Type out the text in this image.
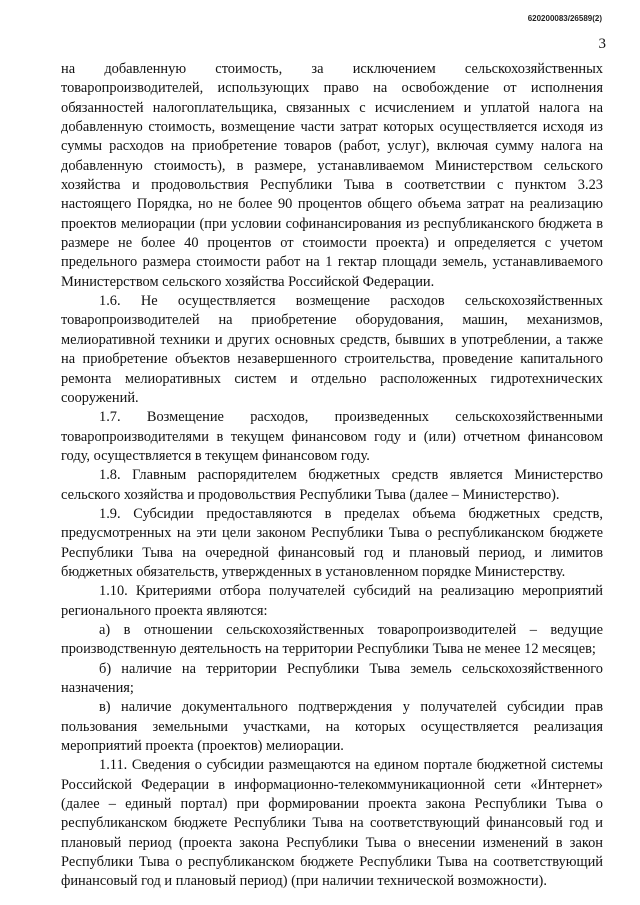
620200083/26589(2)
3

на добавленную стоимость, за исключением сельскохозяйственных товаропроизводителей, использующих право на освобождение от исполнения обязанностей налогоплательщика, связанных с исчислением и уплатой налога на добавленную стоимость, возмещение части затрат которых осуществляется исходя из суммы расходов на приобретение товаров (работ, услуг), включая сумму налога на добавленную стоимость), в размере, устанавливаемом Министерством сельского хозяйства и продовольствия Республики Тыва в соответствии с пунктом 3.23 настоящего Порядка, но не более 90 процентов общего объема затрат на реализацию проектов мелиорации (при условии софинансирования из республиканского бюджета в размере не более 40 процентов от стоимости проекта) и определяется с учетом предельного размера стоимости работ на 1 гектар площади земель, устанавливаемого Министерством сельского хозяйства Российской Федерации.

1.6. Не осуществляется возмещение расходов сельскохозяйственных товаропроизводителей на приобретение оборудования, машин, механизмов, мелиоративной техники и других основных средств, бывших в употреблении, а также на приобретение объектов незавершенного строительства, проведение капитального ремонта мелиоративных систем и отдельно расположенных гидротехнических сооружений.

1.7. Возмещение расходов, произведенных сельскохозяйственными товаропроизводителями в текущем финансовом году и (или) отчетном финансовом году, осуществляется в текущем финансовом году.

1.8. Главным распорядителем бюджетных средств является Министерство сельского хозяйства и продовольствия Республики Тыва (далее – Министерство).

1.9. Субсидии предоставляются в пределах объема бюджетных средств, предусмотренных на эти цели законом Республики Тыва о республиканском бюджете Республики Тыва на очередной финансовый год и плановый период, и лимитов бюджетных обязательств, утвержденных в установленном порядке Министерству.

1.10. Критериями отбора получателей субсидий на реализацию мероприятий регионального проекта являются:

а) в отношении сельскохозяйственных товаропроизводителей – ведущие производственную деятельность на территории Республики Тыва не менее 12 месяцев;

б) наличие на территории Республики Тыва земель сельскохозяйственного назначения;

в) наличие документального подтверждения у получателей субсидии прав пользования земельными участками, на которых осуществляется реализация мероприятий проекта (проектов) мелиорации.

1.11. Сведения о субсидии размещаются на едином портале бюджетной системы Российской Федерации в информационно-телекоммуникационной сети «Интернет» (далее – единый портал) при формировании проекта закона Республики Тыва о республиканском бюджете Республики Тыва на соответствующий финансовый год и плановый период (проекта закона Республики Тыва о внесении изменений в закон Республики Тыва о республиканском бюджете Республики Тыва на соответствующий финансовый год и плановый период) (при наличии технической возможности).
